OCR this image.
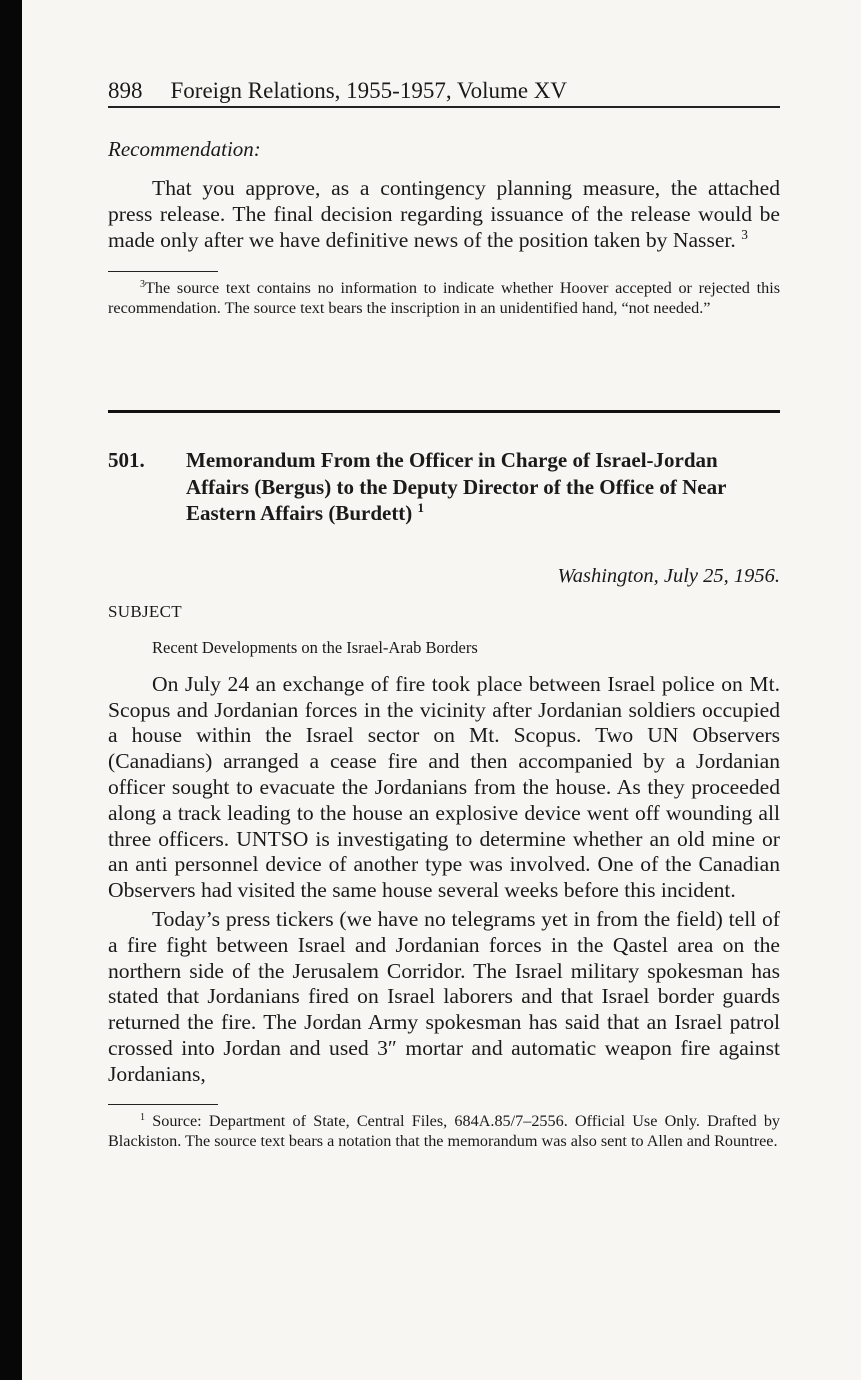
898 Foreign Relations, 1955-1957, Volume XV
Recommendation:

That you approve, as a contingency planning measure, the attached press release. The final decision regarding issuance of the release would be made only after we have definitive news of the position taken by Nasser. $^3$

$^3$The source text contains no information to indicate whether Hoover accepted or rejected this recommendation. The source text bears the inscription in an unidentified hand, “not needed.”

501.	Memorandum From the Officer in Charge of Israel-Jordan Affairs (Bergus) to the Deputy Director of the Office of Near Eastern Affairs (Burdett) $^1$
Washington, July 25, 1956.
SUBJECT
Recent Developments on the Israel-Arab Borders

On July 24 an exchange of fire took place between Israel police on Mt. Scopus and Jordanian forces in the vicinity after Jordanian soldiers occupied a house within the Israel sector on Mt. Scopus. Two UN Observers (Canadians) arranged a cease fire and then accompanied by a Jordanian officer sought to evacuate the Jordanians from the house. As they proceeded along a track leading to the house an explosive device went off wounding all three officers. UNTSO is investigating to determine whether an old mine or an anti personnel device of another type was involved. One of the Canadian Observers had visited the same house several weeks before this incident.

Today’s press tickers (we have no telegrams yet in from the field) tell of a fire fight between Israel and Jordanian forces in the Qastel area on the northern side of the Jerusalem Corridor. The Israel military spokesman has stated that Jordanians fired on Israel laborers and that Israel border guards returned the fire. The Jordan Army spokesman has said that an Israel patrol crossed into Jordan and used 3″ mortar and automatic weapon fire against Jordanians,

$^1$ Source: Department of State, Central Files, 684A.85/7–2556. Official Use Only. Drafted by Blackiston. The source text bears a notation that the memorandum was also sent to Allen and Rountree.
